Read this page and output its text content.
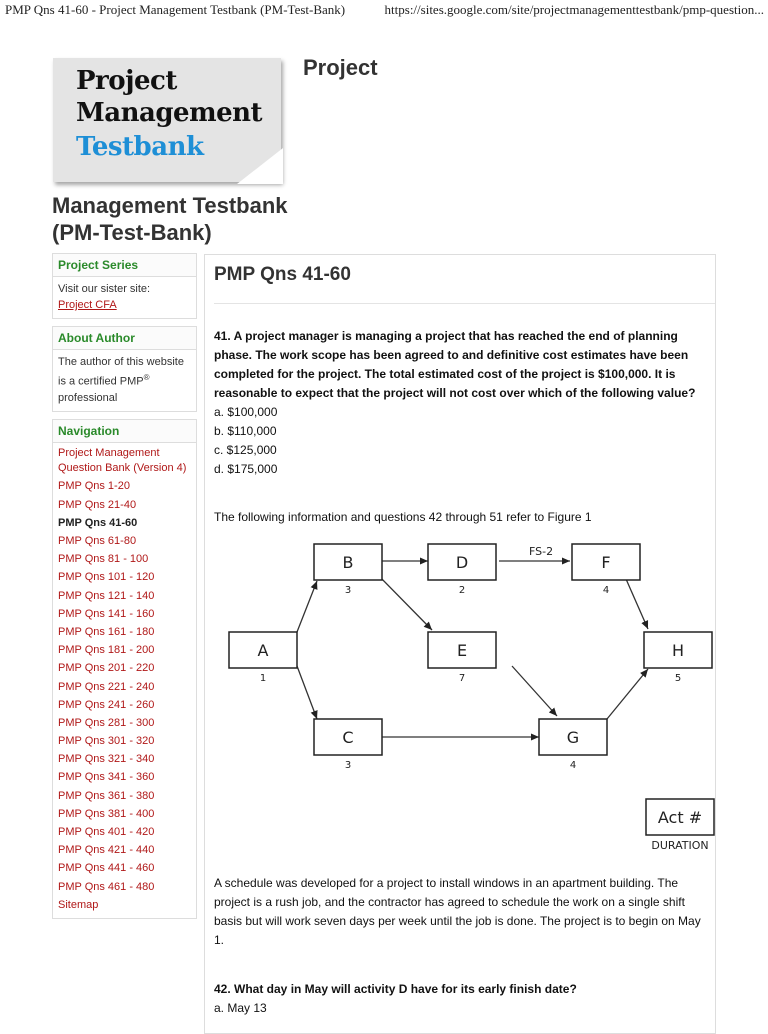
PMP Qns 41-60 - Project Management Testbank (PM-Test-Bank)	https://sites.google.com/site/projectmanagementtestbank/pmp-question...
Project
Management
Testbank
Project
Management Testbank
(PM-Test-Bank)
Project Series
Visit our sister site:
Project CFA
About Author
The author of this website is a certified PMP® professional
Navigation
Project Management Question Bank (Version 4)
PMP Qns 1-20
PMP Qns 21-40
PMP Qns 41-60
PMP Qns 61-80
PMP Qns 81 - 100
PMP Qns 101 - 120
PMP Qns 121 - 140
PMP Qns 141 - 160
PMP Qns 161 - 180
PMP Qns 181 - 200
PMP Qns 201 - 220
PMP Qns 221 - 240
PMP Qns 241 - 260
PMP Qns 281 - 300
PMP Qns 301 - 320
PMP Qns 321 - 340
PMP Qns 341 - 360
PMP Qns 361 - 380
PMP Qns 381 - 400
PMP Qns 401 - 420
PMP Qns 421 - 440
PMP Qns 441 - 460
PMP Qns 461 - 480
Sitemap
PMP Qns 41-60
41. A project manager is managing a project that has reached the end of planning phase. The work scope has been agreed to and definitive cost estimates have been completed for the project. The total estimated cost of the project is $100,000. It is reasonable to expect that the project will not cost over which of the following value?
a. $100,000
b. $110,000
c. $125,000
d. $175,000
The following information and questions 42 through 51 refer to Figure 1
A
1
B
3
C
3
D
2
E
7
F
4
G
4
H
5
FS-2
Act #
DURATION
A schedule was developed for a project to install windows in an apartment building. The project is a rush job, and the contractor has agreed to schedule the work on a single shift basis but will work seven days per week until the job is done. The project is to begin on May 1.
42. What day in May will activity D have for its early finish date?
a. May 13
